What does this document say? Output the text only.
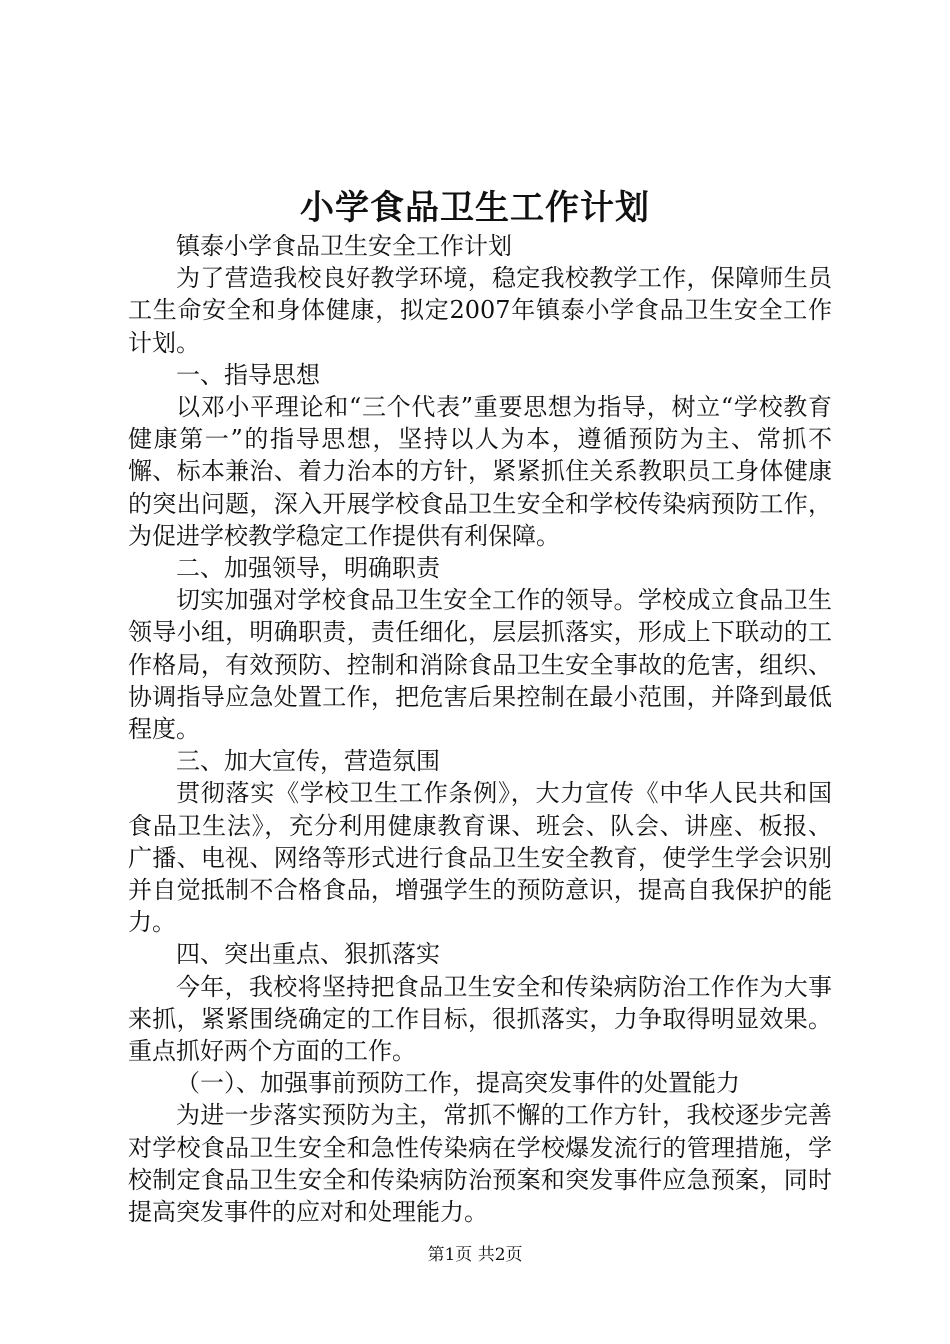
小学食品卫生工作计划

镇泰小学食品卫生安全工作计划

为了营造我校良好教学环境，稳定我校教学工作，保障师生员工生命安全和身体健康，拟定2007年镇泰小学食品卫生安全工作计划。

一、指导思想

以邓小平理论和“三个代表”重要思想为指导，树立“学校教育健康第一”的指导思想，坚持以人为本，遵循预防为主、常抓不懈、标本兼治、着力治本的方针，紧紧抓住关系教职员工身体健康的突出问题，深入开展学校食品卫生安全和学校传染病预防工作，为促进学校教学稳定工作提供有利保障。

二、加强领导，明确职责

切实加强对学校食品卫生安全工作的领导。学校成立食品卫生领导小组，明确职责，责任细化，层层抓落实，形成上下联动的工作格局，有效预防、控制和消除食品卫生安全事故的危害，组织、协调指导应急处置工作，把危害后果控制在最小范围，并降到最低程度。

三、加大宣传，营造氛围

贯彻落实《学校卫生工作条例》，大力宣传《中华人民共和国食品卫生法》，充分利用健康教育课、班会、队会、讲座、板报、广播、电视、网络等形式进行食品卫生安全教育，使学生学会识别并自觉抵制不合格食品，增强学生的预防意识，提高自我保护的能力。

四、突出重点、狠抓落实

今年，我校将坚持把食品卫生安全和传染病防治工作作为大事来抓，紧紧围绕确定的工作目标，很抓落实，力争取得明显效果。重点抓好两个方面的工作。

（一）、加强事前预防工作，提高突发事件的处置能力

为进一步落实预防为主，常抓不懈的工作方针，我校逐步完善对学校食品卫生安全和急性传染病在学校爆发流行的管理措施，学校制定食品卫生安全和传染病防治预案和突发事件应急预案，同时提高突发事件的应对和处理能力。

第1页 共2页
